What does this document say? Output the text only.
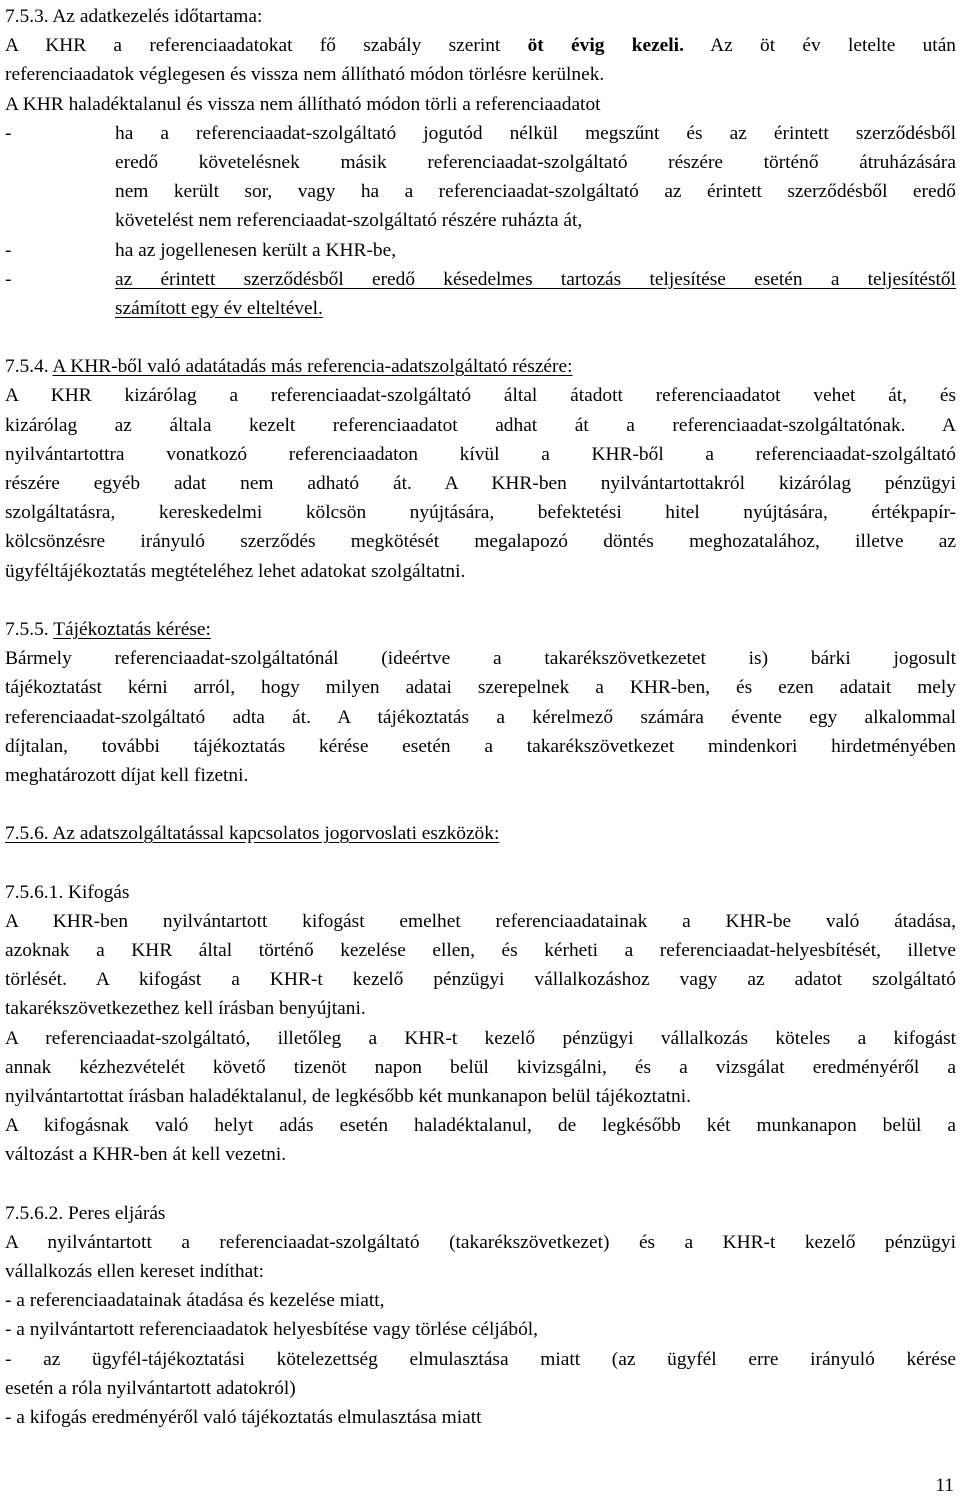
7.5.3. Az adatkezelés időtartama:
A KHR a referenciaadatokat fő szabály szerint öt évig kezeli. Az öt év letelte után
referenciaadatok véglegesen és vissza nem állítható módon törlésre kerülnek.
A KHR haladéktalanul és vissza nem állítható módon törli a referenciaadatot
-	ha a referenciaadat-szolgáltató jogutód nélkül megszűnt és az érintett szerződésből
eredő követelésnek másik referenciaadat-szolgáltató részére történő átruházására
nem került sor, vagy ha a referenciaadat-szolgáltató az érintett szerződésből eredő
követelést nem referenciaadat-szolgáltató részére ruházta át,
-	ha az jogellenesen került a KHR-be,
-	az érintett szerződésből eredő késedelmes tartozás teljesítése esetén a teljesítéstől
számított egy év elteltével.
7.5.4. A KHR-ből való adatátadás más referencia-adatszolgáltató részére:
A KHR kizárólag a referenciaadat-szolgáltató által átadott referenciaadatot vehet át, és
kizárólag az általa kezelt referenciaadatot adhat át a referenciaadat-szolgáltatónak. A
nyilvántartottra vonatkozó referenciaadaton kívül a KHR-ből a referenciaadat-szolgáltató
részére egyéb adat nem adható át. A KHR-ben nyilvántartottakról kizárólag pénzügyi
szolgáltatásra, kereskedelmi kölcsön nyújtására, befektetési hitel nyújtására, értékpapír-
kölcsönzésre irányuló szerződés megkötését megalapozó döntés meghozatalához, illetve az
ügyféltájékoztatás megtételéhez lehet adatokat szolgáltatni.
7.5.5. Tájékoztatás kérése:
Bármely referenciaadat-szolgáltatónál (ideértve a takarékszövetkezetet is) bárki jogosult
tájékoztatást kérni arról, hogy milyen adatai szerepelnek a KHR-ben, és ezen adatait mely
referenciaadat-szolgáltató adta át. A tájékoztatás a kérelmező számára évente egy alkalommal
díjtalan, további tájékoztatás kérése esetén a takarékszövetkezet mindenkori hirdetményében
meghatározott díjat kell fizetni.
7.5.6. Az adatszolgáltatással kapcsolatos jogorvoslati eszközök:
7.5.6.1. Kifogás
A KHR-ben nyilvántartott kifogást emelhet referenciaadatainak a KHR-be való átadása,
azoknak a KHR által történő kezelése ellen, és kérheti a referenciaadat-helyesbítését, illetve
törlését. A kifogást a KHR-t kezelő pénzügyi vállalkozáshoz vagy az adatot szolgáltató
takarékszövetkezethez kell írásban benyújtani.
A referenciaadat-szolgáltató, illetőleg a KHR-t kezelő pénzügyi vállalkozás köteles a kifogást
annak kézhezvételét követő tizenöt napon belül kivizsgálni, és a vizsgálat eredményéről a
nyilvántartottat írásban haladéktalanul, de legkésőbb két munkanapon belül tájékoztatni.
A kifogásnak való helyt adás esetén haladéktalanul, de legkésőbb két munkanapon belül a
változást a KHR-ben át kell vezetni.
7.5.6.2. Peres eljárás
A nyilvántartott a referenciaadat-szolgáltató (takarékszövetkezet) és a KHR-t kezelő pénzügyi
vállalkozás ellen kereset indíthat:
- a referenciaadatainak átadása és kezelése miatt,
- a nyilvántartott referenciaadatok helyesbítése vagy törlése céljából,
- az ügyfél-tájékoztatási kötelezettség elmulasztása miatt (az ügyfél erre irányuló kérése
esetén a róla nyilvántartott adatokról)
- a kifogás eredményéről való tájékoztatás elmulasztása miatt
11
